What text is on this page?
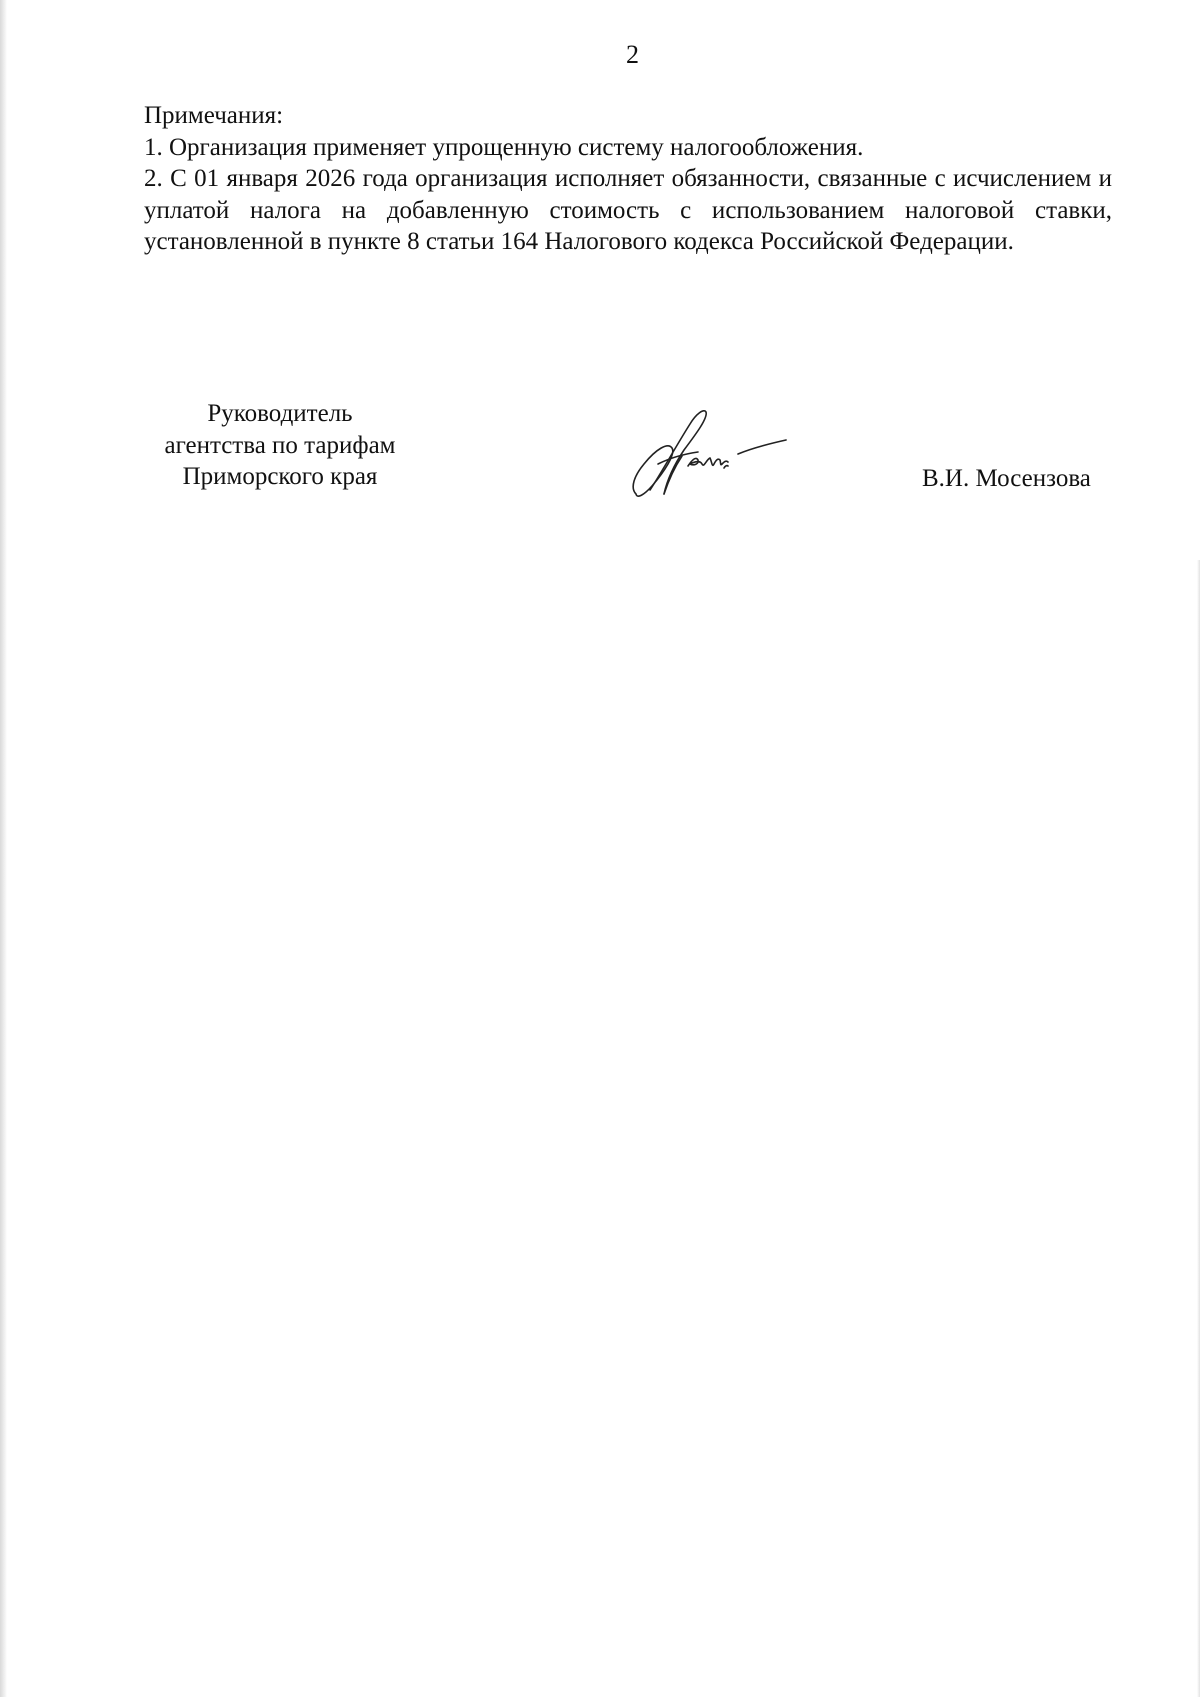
2

Примечания:

1. Организация применяет упрощенную систему налогообложения.

2. С 01 января 2026 года организация исполняет обязанности, связанные с исчислением и уплатой налога на добавленную стоимость с использованием налоговой ставки, установленной в пункте 8 статьи 164 Налогового кодекса Российской Федерации.

Руководитель
агентства по тарифам
Приморского края	В.И. Мосензова
